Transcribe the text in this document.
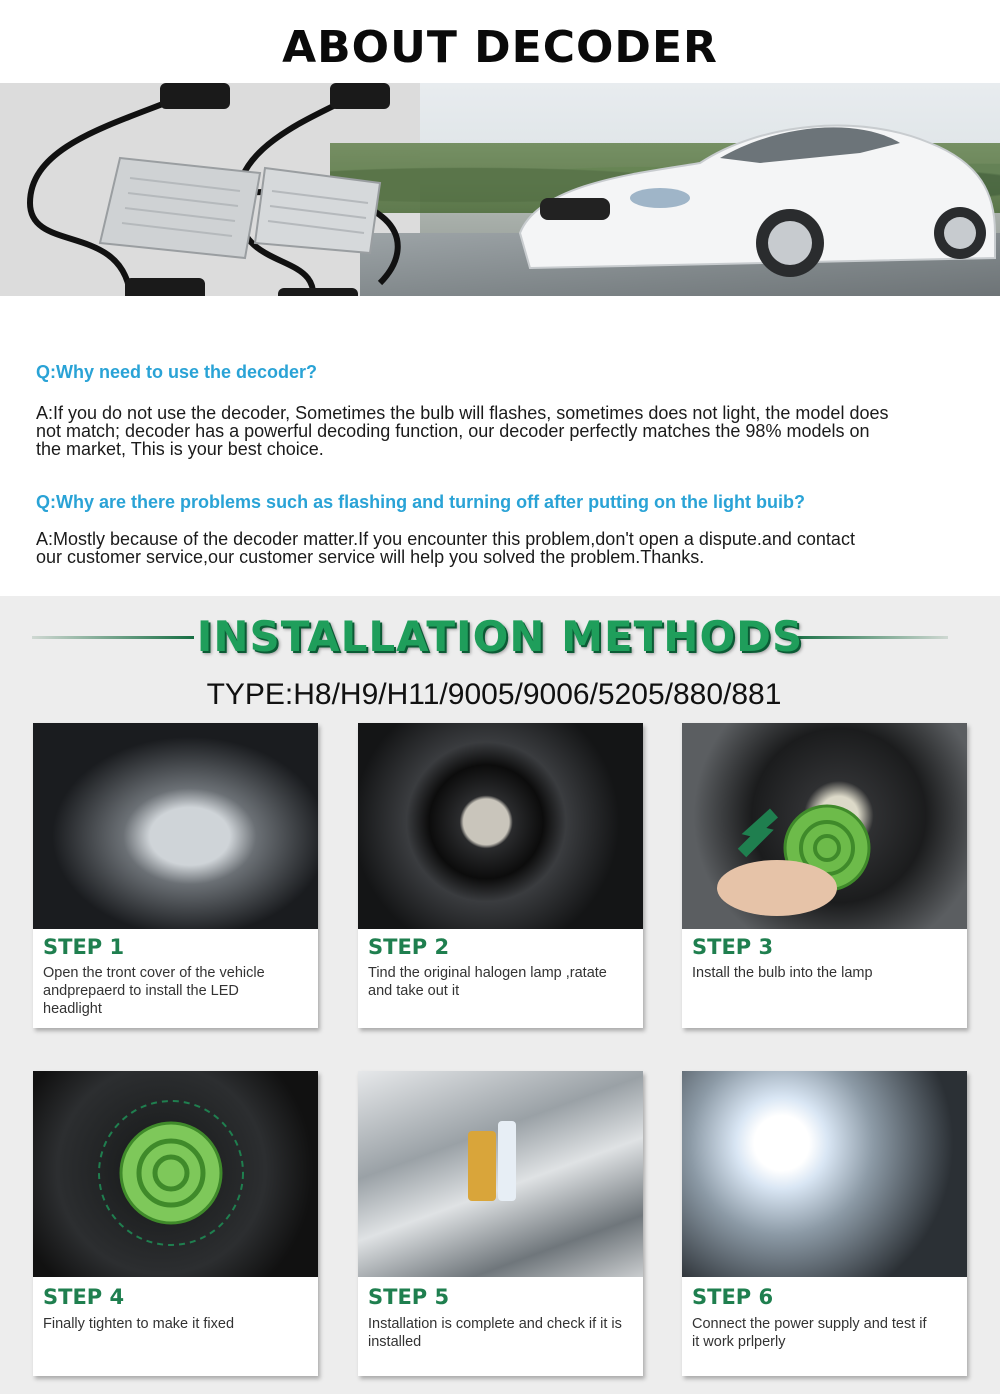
ABOUT DECODER
Q:Why need to use the decoder?
A:If you do not use the decoder, Sometimes the bulb will flashes, sometimes does not light, the model does
not match; decoder has a powerful decoding function, our decoder perfectly matches the 98% models on
the market, This is your best choice.
Q:Why are there problems such as flashing and turning off after putting on the light buib?
A:Mostly because of the decoder matter.If you encounter this problem,don't open a dispute.and contact
our customer service,our customer service will help you solved the problem.Thanks.
INSTALLATION METHODS
TYPE:H8/H9/H11/9005/9006/5205/880/881
STEP 1
Open the tront cover of the vehicle
andprepaerd to install the LED
headlight
STEP 2
Tind the original halogen lamp ,ratate
and take out it
STEP 3
Install the bulb into the lamp
STEP 4
Finally tighten to make it fixed
STEP 5
Installation is complete and check if it is
installed
STEP 6
Connect the power supply and test if
it work prlperly
